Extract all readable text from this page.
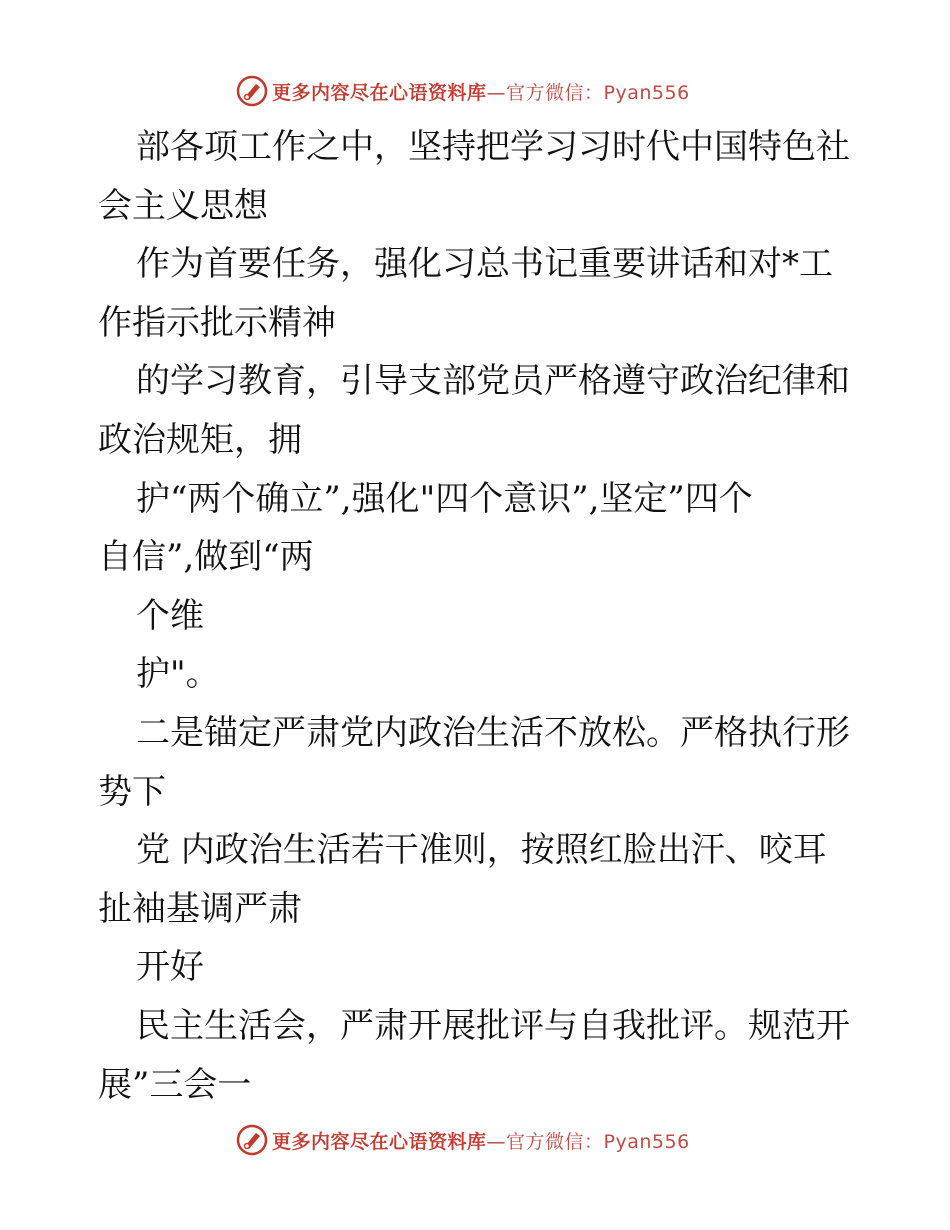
更多内容尽在心语资料库—官方微信：Pyan556
部各项工作之中，坚持把学习习时代中国特色社
会主义思想
作为首要任务，强化习总书记重要讲话和对*工
作指示批示精神
的学习教育，引导支部党员严格遵守政治纪律和
政治规矩，拥
护“两个确立”,强化"四个意识”,坚定”四个
自信”,做到“两
个维
护"。
二是锚定严肃党内政治生活不放松。严格执行形
势下
党 内政治生活若干准则，按照红脸出汗、咬耳
扯袖基调严肃
开好
民主生活会，严肃开展批评与自我批评。规范开
展”三会一
更多内容尽在心语资料库—官方微信：Pyan556
